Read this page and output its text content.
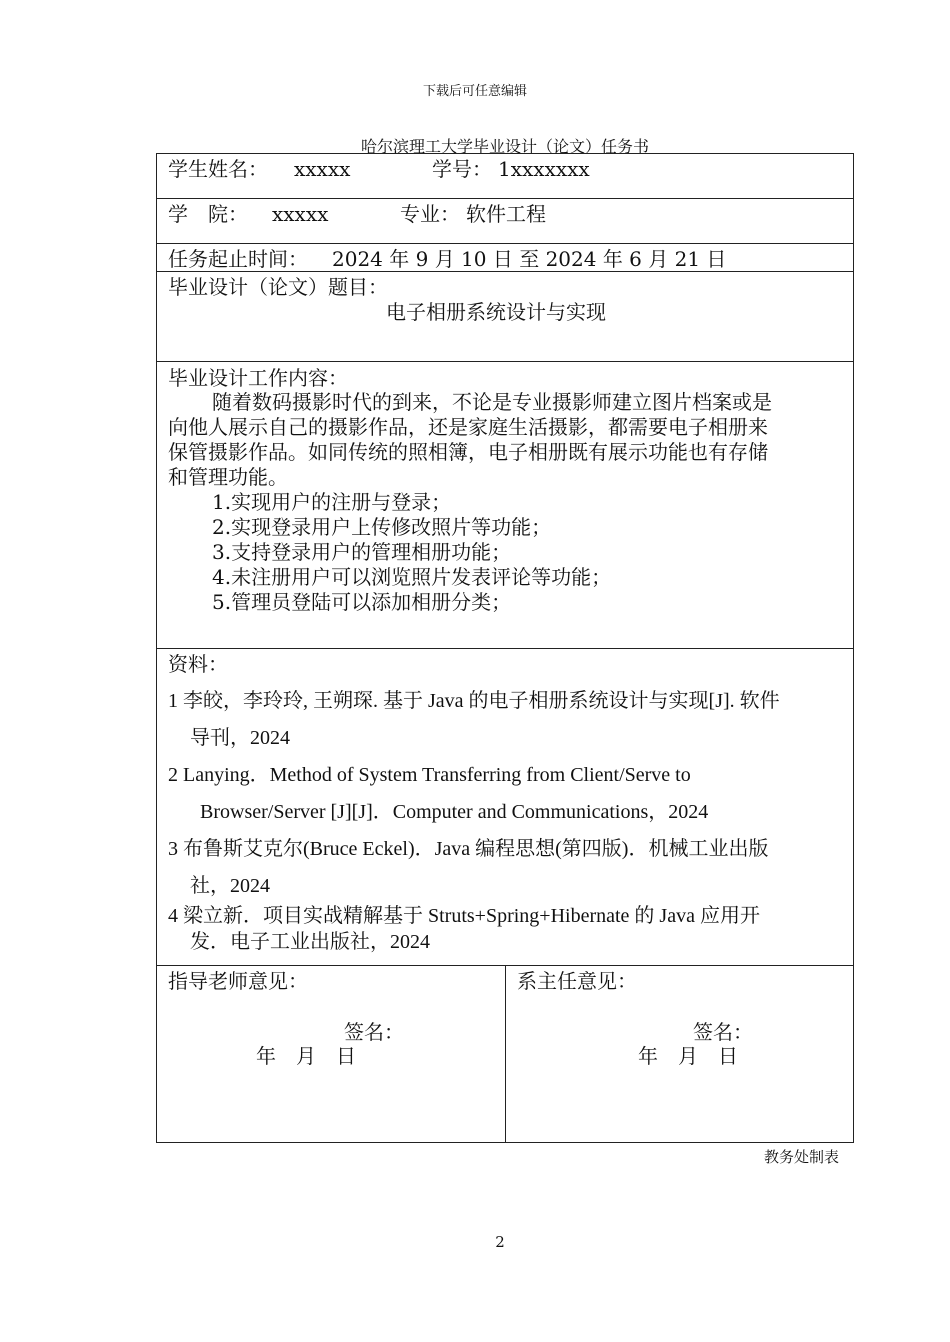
下载后可任意编辑
哈尔滨理工大学毕业设计（论文）任务书
学生姓名： xxxxx	学号： 1xxxxxxx
学　院： xxxxx	专业： 软件工程
任务起止时间： 2024 年 9 月 10 日 至 2024 年 6 月 21 日
毕业设计（论文）题目：
电子相册系统设计与实现
毕业设计工作内容：
随着数码摄影时代的到来，不论是专业摄影师建立图片档案或是
向他人展示自己的摄影作品，还是家庭生活摄影，都需要电子相册来
保管摄影作品。如同传统的照相簿，电子相册既有展示功能也有存储
和管理功能。
1.实现用户的注册与登录；
2.实现登录用户上传修改照片等功能；
3.支持登录用户的管理相册功能；
4.未注册用户可以浏览照片发表评论等功能；
5.管理员登陆可以添加相册分类；
资料：
1 李皎，李玲玲, 王朔琛. 基于 Java 的电子相册系统设计与实现[J]. 软件
导刊，2024
2 Lanying．Method of System Transferring from Client/Serve to
Browser/Server [J][J]．Computer and Communications，2024
3 布鲁斯艾克尔(Bruce Eckel)．Java 编程思想(第四版)．机械工业出版
社，2024
4 梁立新．项目实战精解基于 Struts+Spring+Hibernate 的 Java 应用开
发．电子工业出版社，2024
指导老师意见：
签名：
年　月　日
系主任意见：
签名：
年　月　日
教务处制表
2
